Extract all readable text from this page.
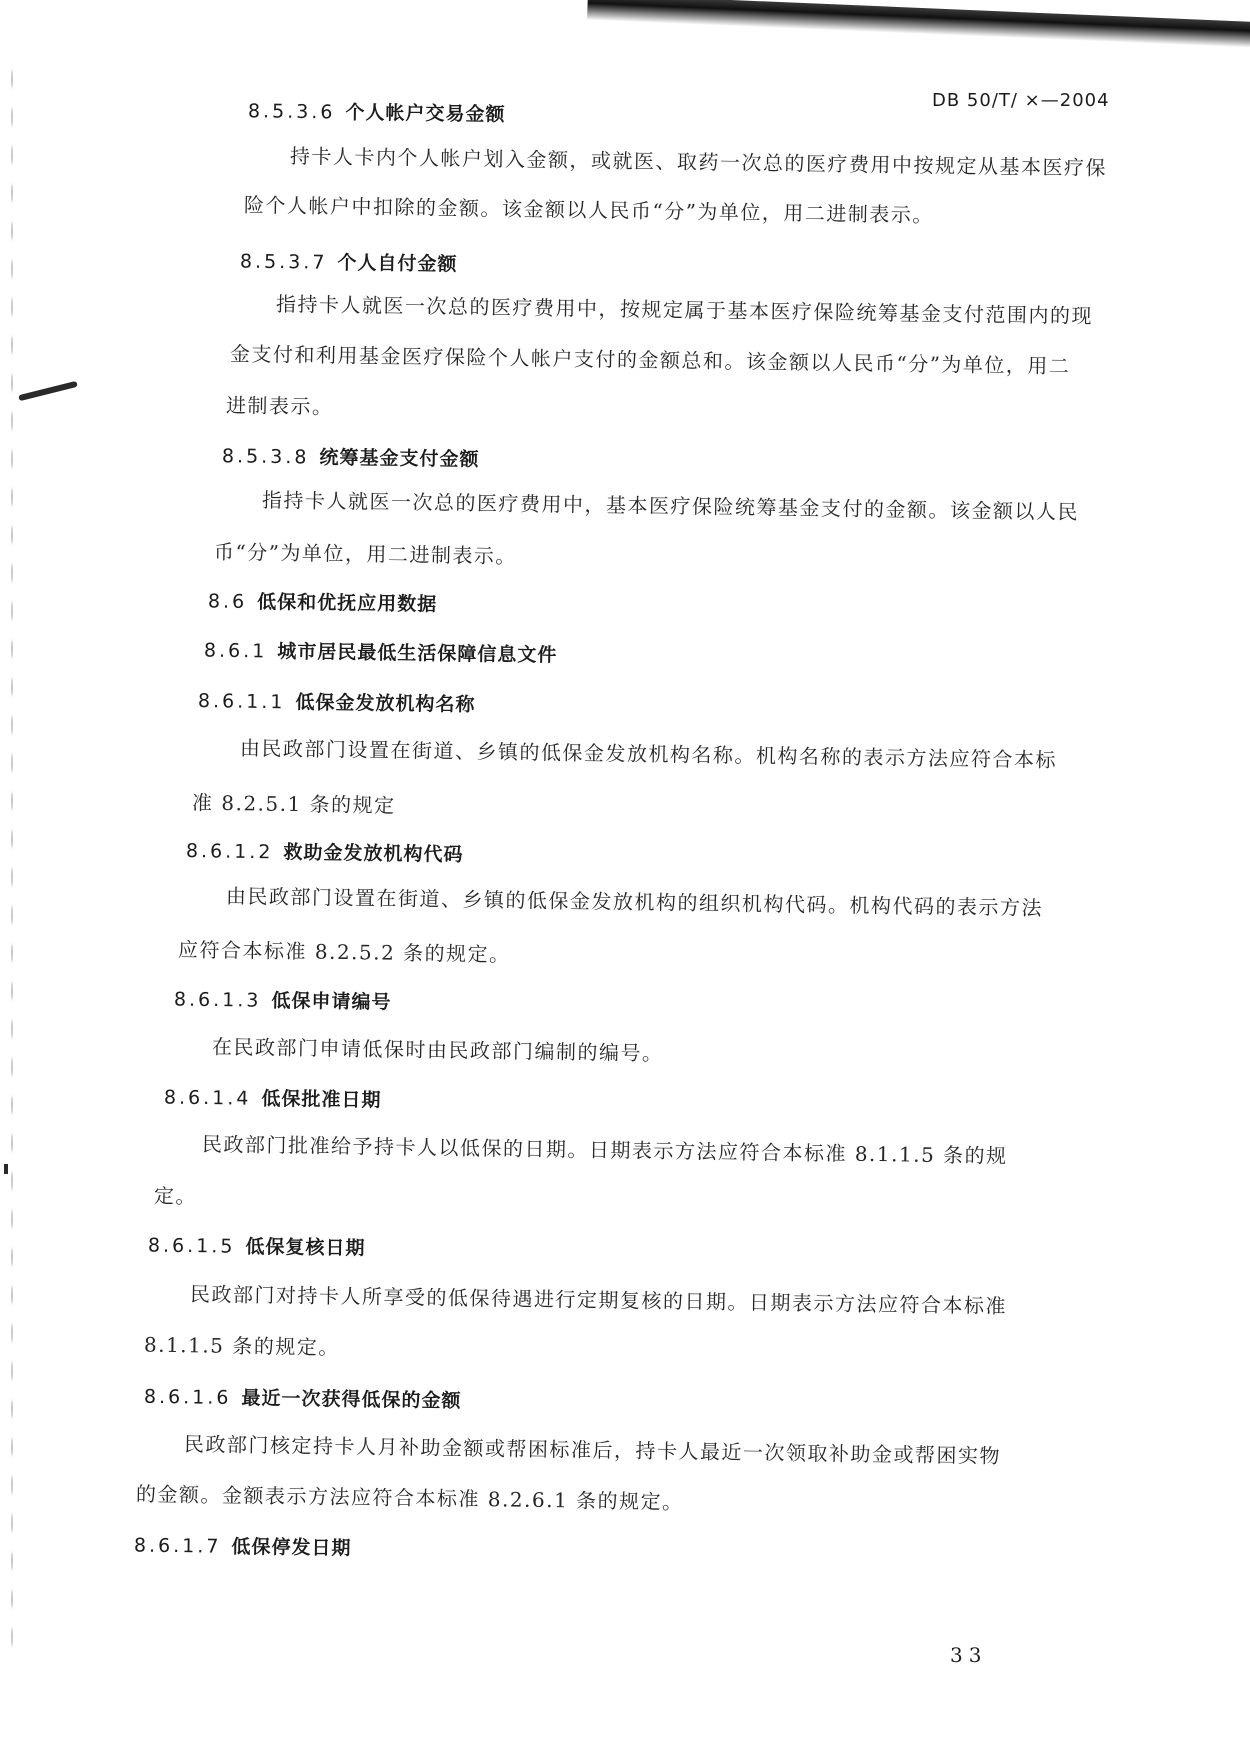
DB 50/T/ ×—2004
8.5.3.6 个人帐户交易金额
持卡人卡内个人帐户划入金额，或就医、取药一次总的医疗费用中按规定从基本医疗保
险个人帐户中扣除的金额。该金额以人民币“分”为单位，用二进制表示。
8.5.3.7 个人自付金额
指持卡人就医一次总的医疗费用中，按规定属于基本医疗保险统筹基金支付范围内的现
金支付和利用基金医疗保险个人帐户支付的金额总和。该金额以人民币“分”为单位，用二
进制表示。
8.5.3.8 统筹基金支付金额
指持卡人就医一次总的医疗费用中，基本医疗保险统筹基金支付的金额。该金额以人民
币“分”为单位，用二进制表示。
8.6 低保和优抚应用数据
8.6.1 城市居民最低生活保障信息文件
8.6.1.1 低保金发放机构名称
由民政部门设置在街道、乡镇的低保金发放机构名称。机构名称的表示方法应符合本标
准 8.2.5.1 条的规定
8.6.1.2 救助金发放机构代码
由民政部门设置在街道、乡镇的低保金发放机构的组织机构代码。机构代码的表示方法
应符合本标准 8.2.5.2 条的规定。
8.6.1.3 低保申请编号
在民政部门申请低保时由民政部门编制的编号。
8.6.1.4 低保批准日期
民政部门批准给予持卡人以低保的日期。日期表示方法应符合本标准 8.1.1.5 条的规
定。
8.6.1.5 低保复核日期
民政部门对持卡人所享受的低保待遇进行定期复核的日期。日期表示方法应符合本标准
8.1.1.5 条的规定。
8.6.1.6 最近一次获得低保的金额
民政部门核定持卡人月补助金额或帮困标准后，持卡人最近一次领取补助金或帮困实物
的金额。金额表示方法应符合本标准 8.2.6.1 条的规定。
8.6.1.7 低保停发日期
33
